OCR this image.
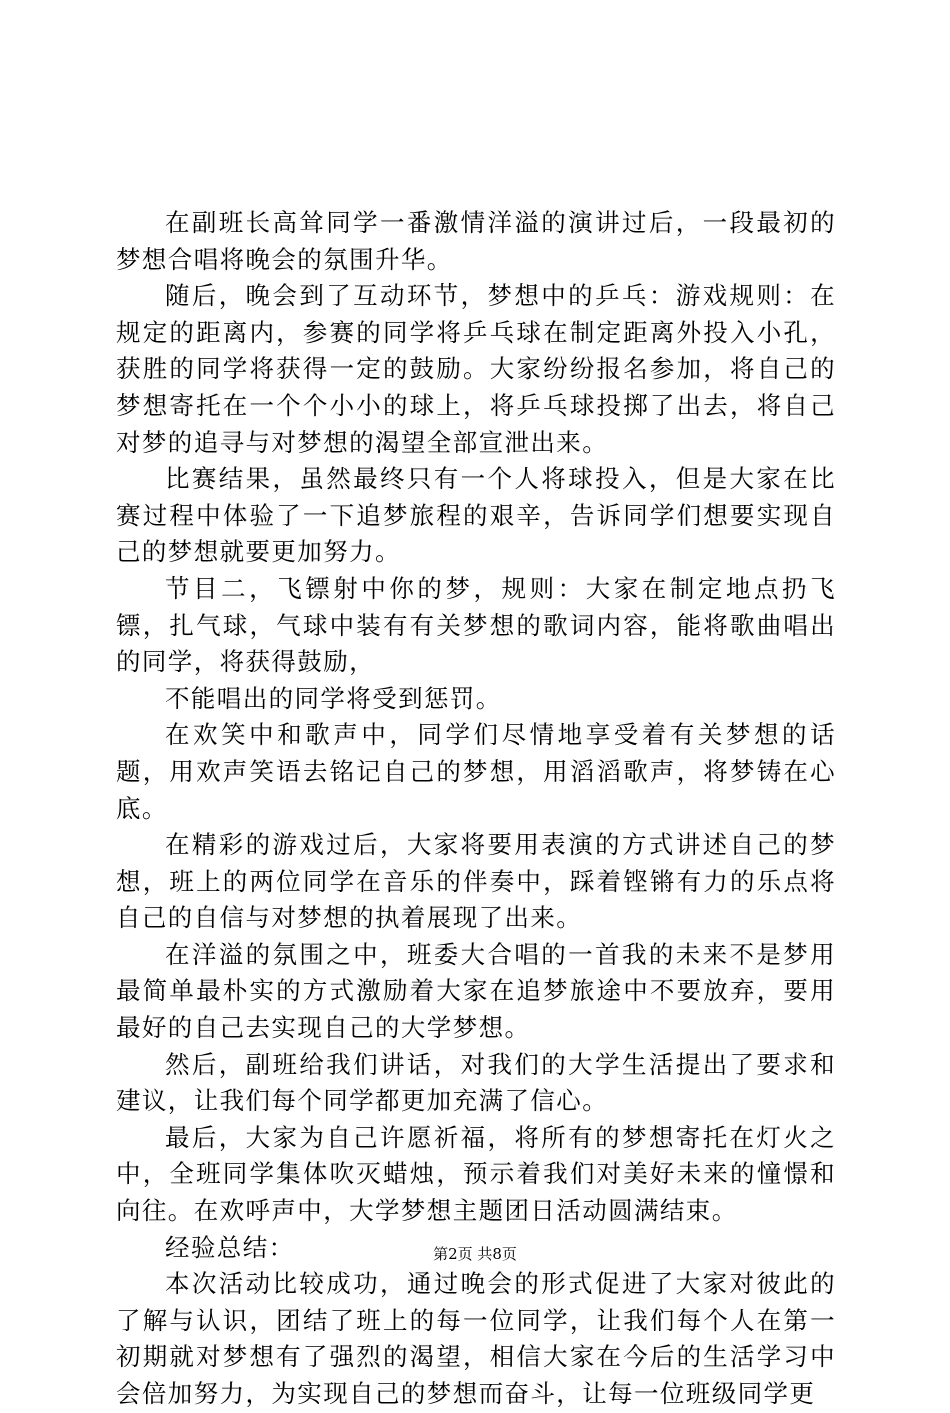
在副班长高耸同学一番激情洋溢的演讲过后，一段最初的梦想合唱将晚会的氛围升华。

随后，晚会到了互动环节，梦想中的乒乓：游戏规则：在规定的距离内，参赛的同学将乒乓球在制定距离外投入小孔，获胜的同学将获得一定的鼓励。大家纷纷报名参加，将自己的梦想寄托在一个个小小的球上，将乒乓球投掷了出去，将自己对梦的追寻与对梦想的渴望全部宣泄出来。

比赛结果，虽然最终只有一个人将球投入，但是大家在比赛过程中体验了一下追梦旅程的艰辛，告诉同学们想要实现自己的梦想就要更加努力。

节目二，飞镖射中你的梦，规则：大家在制定地点扔飞镖，扎气球，气球中装有有关梦想的歌词内容，能将歌曲唱出的同学，将获得鼓励，

不能唱出的同学将受到惩罚。

在欢笑中和歌声中，同学们尽情地享受着有关梦想的话题，用欢声笑语去铭记自己的梦想，用滔滔歌声，将梦铸在心底。

在精彩的游戏过后，大家将要用表演的方式讲述自己的梦想，班上的两位同学在音乐的伴奏中，踩着铿锵有力的乐点将自己的自信与对梦想的执着展现了出来。

在洋溢的氛围之中，班委大合唱的一首我的未来不是梦用最简单最朴实的方式激励着大家在追梦旅途中不要放弃，要用最好的自己去实现自己的大学梦想。

然后，副班给我们讲话，对我们的大学生活提出了要求和建议，让我们每个同学都更加充满了信心。

最后，大家为自己许愿祈福，将所有的梦想寄托在灯火之中，全班同学集体吹灭蜡烛，预示着我们对美好未来的憧憬和向往。在欢呼声中，大学梦想主题团日活动圆满结束。

经验总结：

本次活动比较成功，通过晚会的形式促进了大家对彼此的了解与认识，团结了班上的每一位同学，让我们每个人在第一初期就对梦想有了强烈的渴望，相信大家在今后的生活学习中会倍加努力，为实现自己的梦想而奋斗，让每一位班级同学更

第2页 共8页
